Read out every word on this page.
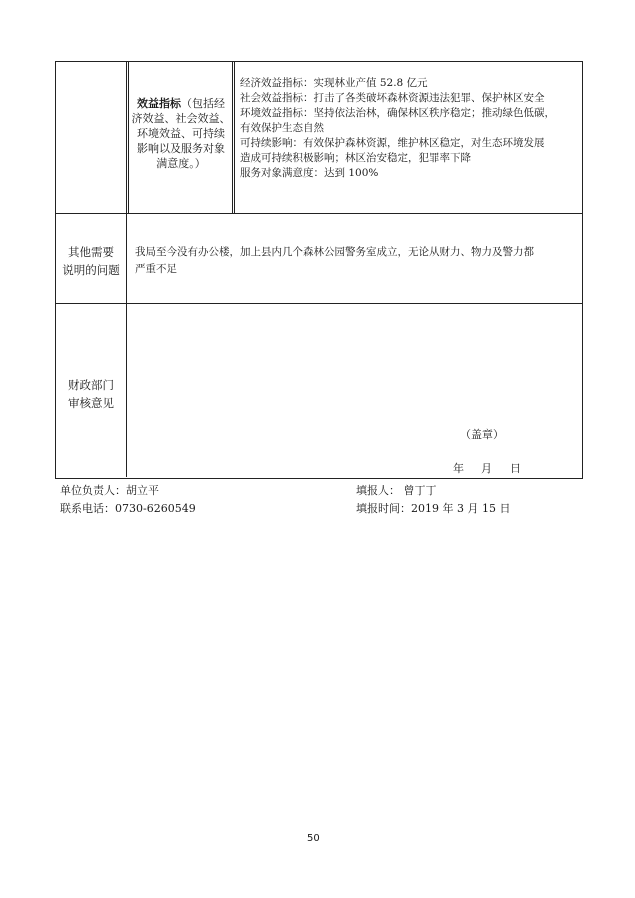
效益指标（包括经
济效益、社会效益、
环境效益、可持续
影响以及服务对象
满意度。）
经济效益指标：实现林业产值 52.8 亿元
社会效益指标：打击了各类破坏森林资源违法犯罪、保护林区安全
环境效益指标：坚持依法治林，确保林区秩序稳定；推动绿色低碳，
有效保护生态自然
可持续影响：有效保护森林资源，维护林区稳定，对生态环境发展
造成可持续积极影响；林区治安稳定，犯罪率下降
服务对象满意度：达到 100%
其他需要
说明的问题
我局至今没有办公楼，加上县内几个森林公园警务室成立，无论从财力、物力及警力都
严重不足
财政部门
审核意见
（盖章）
年 月 日
单位负责人：胡立平	填报人： 曾丁丁
联系电话：0730-6260549	填报时间：2019 年 3 月 15 日
50
